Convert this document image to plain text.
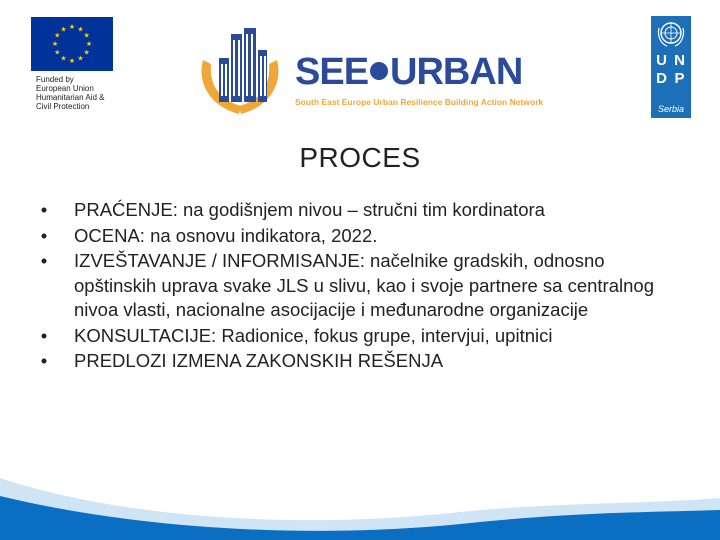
★ ★
★
★
★
★
★
★
★
★
★
★
Funded by
European Union
Humanitarian Aid &
Civil Protection
SEE URBAN
South East Europe Urban Resilience Building Action Network
U N
D P
Serbia
PROCES
•	PRAĆENJE: na godišnjem nivou – stručni tim kordinatora
•	OCENA: na osnovu indikatora, 2022.
•	IZVEŠTAVANJE / INFORMISANJE: načelnike gradskih, odnosno opštinskih uprava svake JLS u slivu, kao i svoje partnere sa centralnog nivoa vlasti, nacionalne asocijacije i međunarodne organizacije
•	KONSULTACIJE: Radionice, fokus grupe, intervjui, upitnici
•	PREDLOZI IZMENA ZAKONSKIH REŠENJA
